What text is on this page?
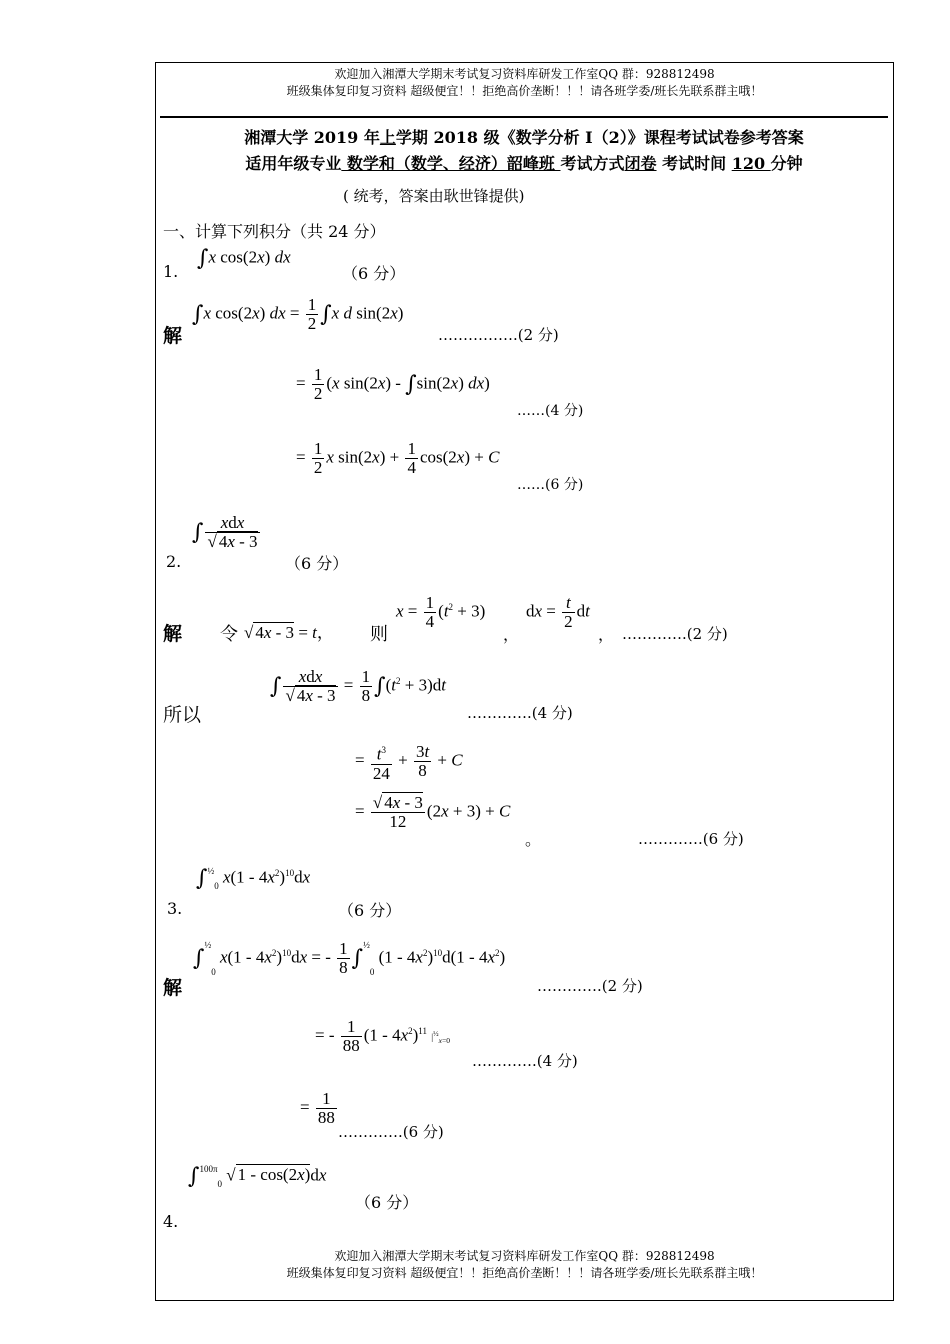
欢迎加入湘潭大学期末考试复习资料库研发工作室QQ 群：928812498
班级集体复印复习资料 超级便宜！！拒绝高价垄断！！！请各班学委/班长先联系群主哦！
湘潭大学 2019 年上学期 2018 级《数学分析 I（2）》课程考试试卷参考答案
适用年级专业 数学和（数学、经济）韶峰班 考试方式闭卷 考试时间 120 分钟
( 统考，答案由耿世锋提供)
一、计算下列积分（共 24 分）
1.
∫x cos(2x) dx
（6 分）
解
∫x cos(2x) dx = $\frac{1}{2} \int x$ d sin(2x)
…………….(2 分)
= $\frac{1}{2} (x$ sin(2x) - ∫sin(2x) dx)
……(4 分)
= $\frac{1}{2}$ x $\sin(2x) + \frac{1}{4} \cos(2x) + C$
……(6 分)
∫ $\frac{\text{xdx}}{√ 4x - 3}$
2.	（6 分）
解 令 √ 4x - 3 = t， 则
$x = \frac{1}{4} (t^2 + 3)$
，
dx = $\frac{t}{2}$ dt
， ………….(2 分)
所以
∫ $\frac{\text{xdx}}{√ 4x - 3} = \frac{1}{8} \int(t^2 + 3)dt$
………….(4 分)
= $\frac{t^3}{24} + \frac{3t}{8} + C$
= $\frac{√ 4x - 3}{12} (2x + 3) + C$
。	………….(6 分)
∫$^{\frac{1}{2}}$0 $x(1 - 4x^2)^{10}dx$
3.	（6 分）
解
∫$^{\frac{1}{2}}$0 $x(1 - 4x^2)^{10}dx$ = - $\frac{1}{8} \int^{\frac{1}{2}}0$ $(1 - 4x^2)^{10}d(1 - 4x^2)$
………….(2 分)
= - $\frac{1}{88} (1 - 4x^2)^{11}$ $|^{\frac{1}{2}}_{x=0}$
………….(4 分)
= $\frac{1}{88}$
………….(6 分)
∫$^{100\pi}$0 √ 1 - cos(2x)dx
（6 分）
4.
欢迎加入湘潭大学期末考试复习资料库研发工作室QQ 群：928812498
班级集体复印复习资料 超级便宜！！拒绝高价垄断！！！请各班学委/班长先联系群主哦！
